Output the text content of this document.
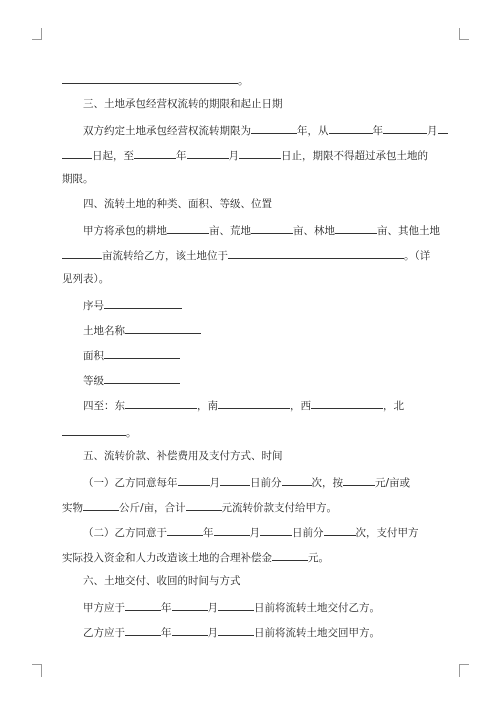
。
三、土地承包经营权流转的期限和起止日期
双方约定土地承包经营权流转期限为	年，从	年	月
日起，至	年	月	日止，期限不得超过承包土地的
期限。
四、流转土地的种类、面积、等级、位置
甲方将承包的耕地	亩、荒地	亩、林地	亩、其他土地
亩流转给乙方，该土地位于	。（详
见列表）。
序号
土地名称
面积
等级
四至：东	，南	，西	，北
。
五、流转价款、补偿费用及支付方式、时间
（一）乙方同意每年	月	日前分	次，按	元/亩或
实物	公斤/亩，合计	元流转价款支付给甲方。
（二）乙方同意于	年	月	日前分	次，支付甲方
实际投入资金和人力改造该土地的合理补偿金	元。
六、土地交付、收回的时间与方式
甲方应于	年	月	日前将流转土地交付乙方。
乙方应于	年	月	日前将流转土地交回甲方。
